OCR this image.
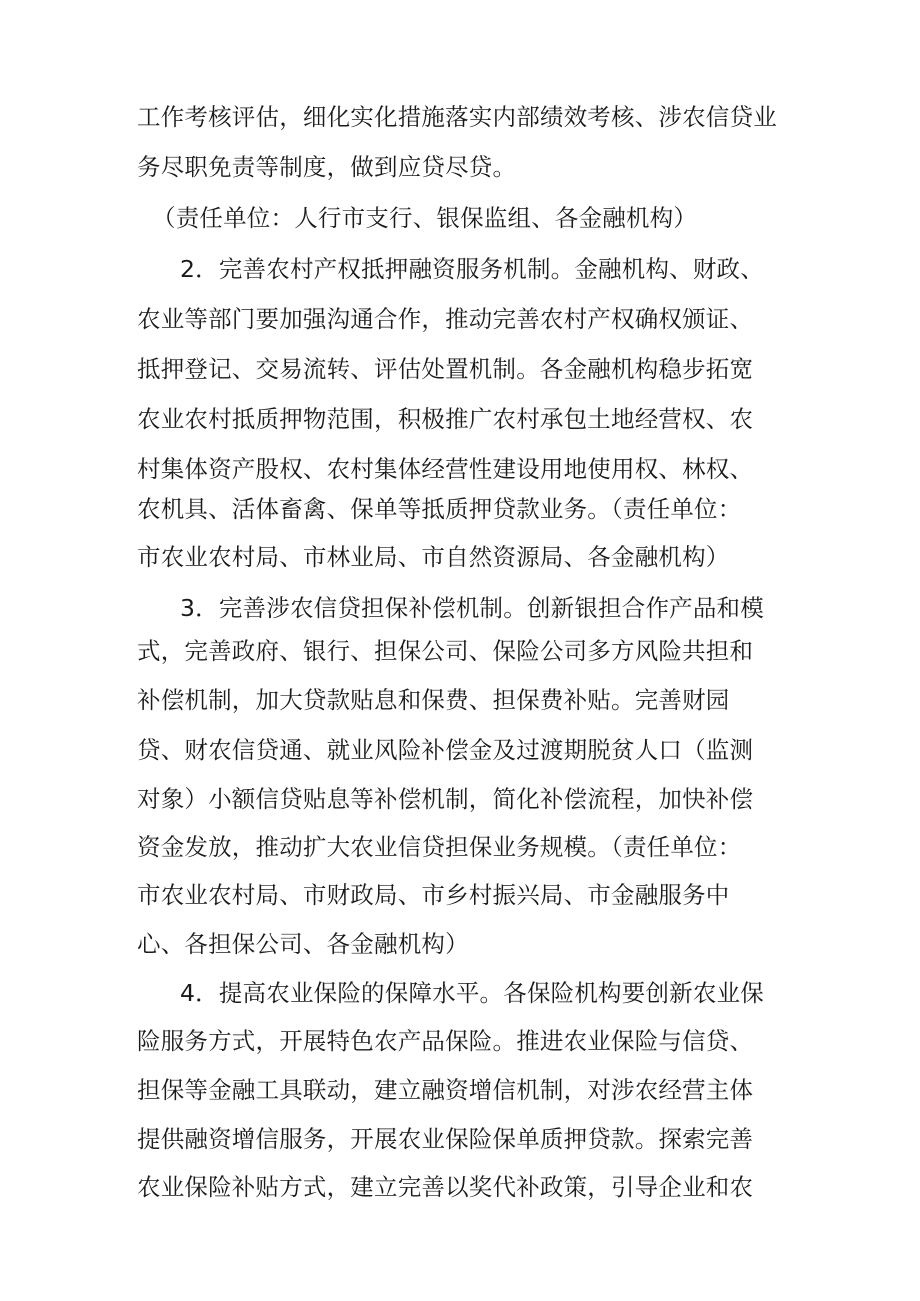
工作考核评估，细化实化措施落实内部绩效考核、涉农信贷业
务尽职免责等制度，做到应贷尽贷。
（责任单位：人行市支行、银保监组、各金融机构）
2．完善农村产权抵押融资服务机制。金融机构、财政、
农业等部门要加强沟通合作，推动完善农村产权确权颁证、
抵押登记、交易流转、评估处置机制。各金融机构稳步拓宽
农业农村抵质押物范围，积极推广农村承包土地经营权、农
村集体资产股权、农村集体经营性建设用地使用权、林权、
农机具、活体畜禽、保单等抵质押贷款业务。（责任单位：
市农业农村局、市林业局、市自然资源局、各金融机构）
3．完善涉农信贷担保补偿机制。创新银担合作产品和模
式，完善政府、银行、担保公司、保险公司多方风险共担和
补偿机制，加大贷款贴息和保费、担保费补贴。完善财园
贷、财农信贷通、就业风险补偿金及过渡期脱贫人口（监测
对象）小额信贷贴息等补偿机制，简化补偿流程，加快补偿
资金发放，推动扩大农业信贷担保业务规模。（责任单位：
市农业农村局、市财政局、市乡村振兴局、市金融服务中
心、各担保公司、各金融机构）
4．提高农业保险的保障水平。各保险机构要创新农业保
险服务方式，开展特色农产品保险。推进农业保险与信贷、
担保等金融工具联动，建立融资增信机制，对涉农经营主体
提供融资增信服务，开展农业保险保单质押贷款。探索完善
农业保险补贴方式，建立完善以奖代补政策，引导企业和农
